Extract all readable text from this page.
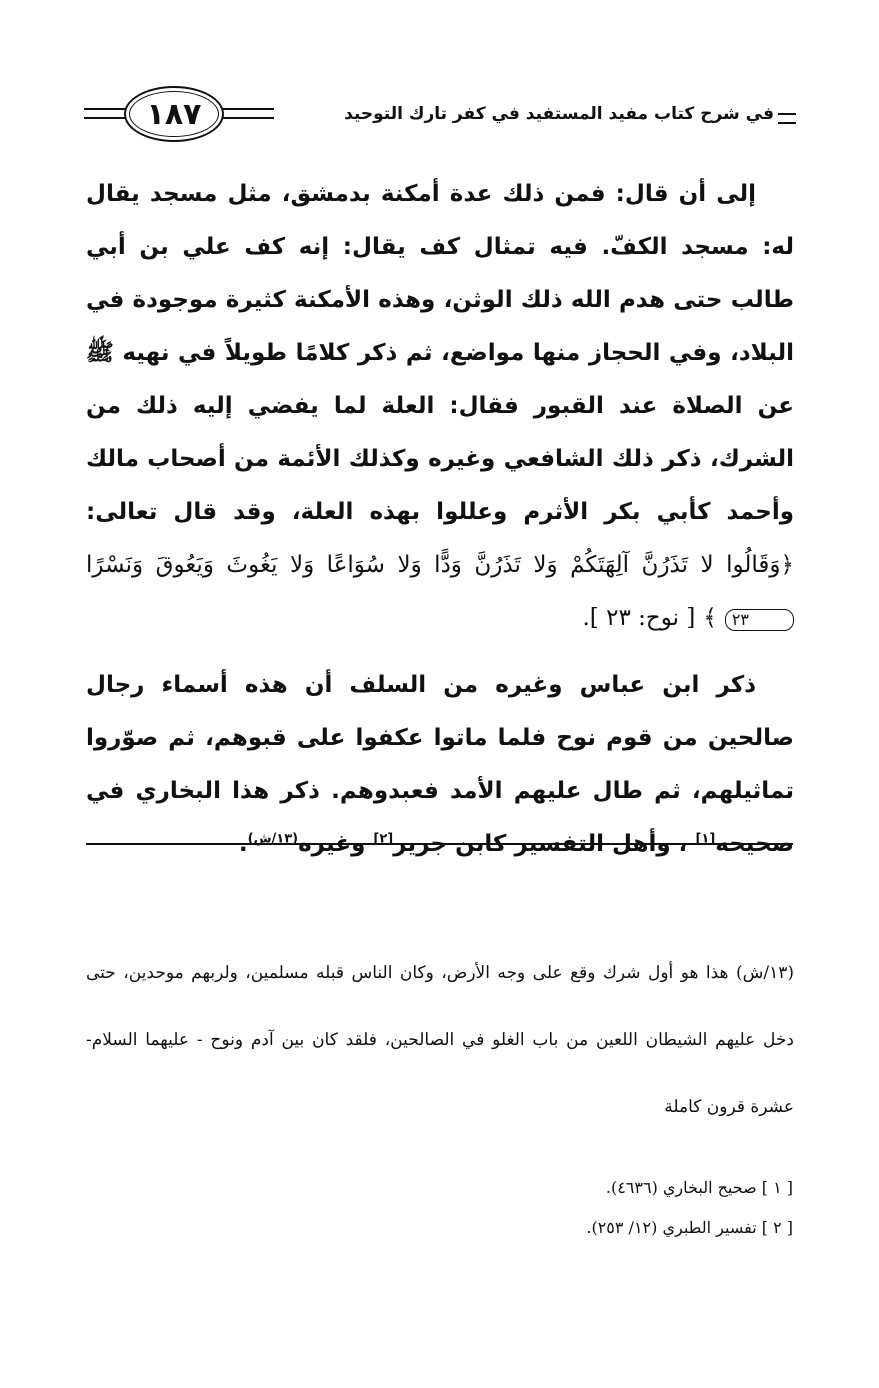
في شرح كتاب مفيد المستفيد في كفر تارك التوحيد
١٨٧

إلى أن قال: فمن ذلك عدة أمكنة بدمشق، مثل مسجد يقال له: مسجد الكفّ. فيه تمثال كف يقال: إنه كف علي بن أبي طالب حتى هدم الله ذلك الوثن، وهذه الأمكنة كثيرة موجودة في البلاد، وفي الحجاز منها مواضع، ثم ذكر كلامًا طويلاً في نهيه ﷺ عن الصلاة عند القبور فقال: العلة لما يفضي إليه ذلك من الشرك، ذكر ذلك الشافعي وغيره وكذلك الأئمة من أصحاب مالك وأحمد كأبي بكر الأثرم وعللوا بهذه العلة، وقد قال تعالى: ﴿وَقَالُوا لا تَذَرُنَّ آلِهَتَكُمْ وَلا تَذَرُنَّ وَدًّا وَلا سُوَاعًا وَلا يَغُوثَ وَيَعُوقَ وَنَسْرًا ٢٣ ﴾ [ نوح: ٢٣ ].

ذكر ابن عباس وغيره من السلف أن هذه أسماء رجال صالحين من قوم نوح فلما ماتوا عكفوا على قبوهم، ثم صوّروا تماثيلهم، ثم طال عليهم الأمد فعبدوهم. ذكر هذا البخاري في صحيحه[١] ، وأهل التفسير كابن جرير[٢] وغيره$^{(١٣/ش)}$.

(١٣/ش) هذا هو أول شرك وقع على وجه الأرض، وكان الناس قبله مسلمين، ولربهم موحدين، حتى دخل عليهم الشيطان اللعين من باب الغلو في الصالحين، فلقد كان بين آدم ونوح - عليهما السلام- عشرة قرون كاملة
[ ١ ] صحيح البخاري (٤٦٣٦).
[ ٢ ] تفسير الطبري (١٢/ ٢٥٣).
